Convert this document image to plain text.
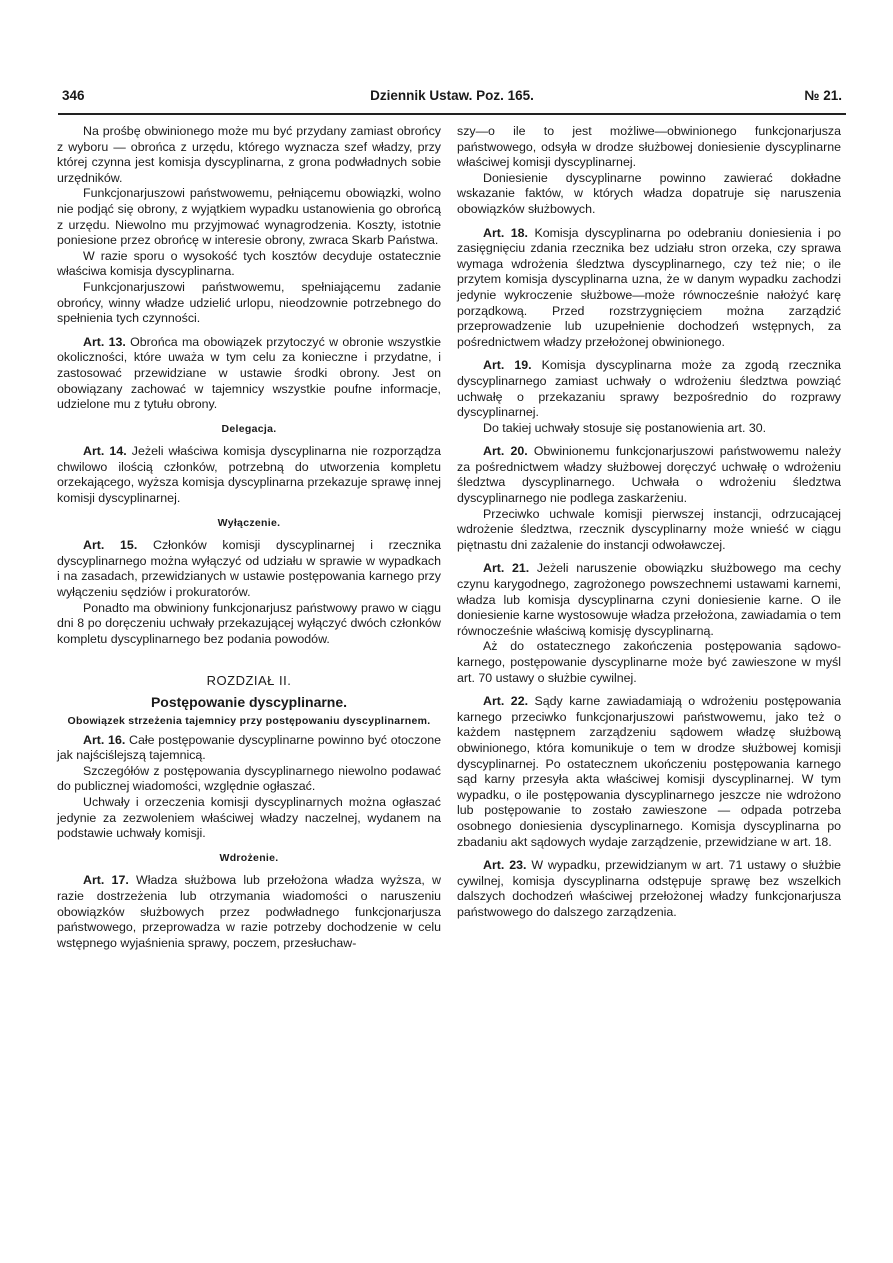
346	Dziennik Ustaw. Poz. 165.	№ 21.

Na prośbę obwinionego może mu być przydany zamiast obrońcy z wyboru — obrońca z urzędu, którego wyznacza szef władzy, przy której czynna jest komisja dyscyplinarna, z grona podwładnych sobie urzędników.

Funkcjonarjuszowi państwowemu, pełniącemu obowiązki, wolno nie podjąć się obrony, z wyjątkiem wypadku ustanowienia go obrońcą z urzędu. Niewolno mu przyjmować wynagrodzenia. Koszty, istotnie poniesione przez obrońcę w interesie obrony, zwraca Skarb Państwa.

W razie sporu o wysokość tych kosztów decyduje ostatecznie właściwa komisja dyscyplinarna.

Funkcjonarjuszowi państwowemu, spełniającemu zadanie obrońcy, winny władze udzielić urlopu, nieodzownie potrzebnego do spełnienia tych czynności.

Art. 13. Obrońca ma obowiązek przytoczyć w obronie wszystkie okoliczności, które uważa w tym celu za konieczne i przydatne, i zastosować przewidziane w ustawie środki obrony. Jest on obowiązany zachować w tajemnicy wszystkie poufne informacje, udzielone mu z tytułu obrony.

Delegacja.

Art. 14. Jeżeli właściwa komisja dyscyplinarna nie rozporządza chwilowo ilością członków, potrzebną do utworzenia kompletu orzekającego, wyższa komisja dyscyplinarna przekazuje sprawę innej komisji dyscyplinarnej.

Wyłączenie.

Art. 15. Członków komisji dyscyplinarnej i rzecznika dyscyplinarnego można wyłączyć od udziału w sprawie w wypadkach i na zasadach, przewidzianych w ustawie postępowania karnego przy wyłączeniu sędziów i prokuratorów.

Ponadto ma obwiniony funkcjonarjusz państwowy prawo w ciągu dni 8 po doręczeniu uchwały przekazującej wyłączyć dwóch członków kompletu dyscyplinarnego bez podania powodów.

ROZDZIAŁ II.
Postępowanie dyscyplinarne.
Obowiązek strzeżenia tajemnicy przy postępowaniu dyscyplinarnem.

Art. 16. Całe postępowanie dyscyplinarne powinno być otoczone jak najściślejszą tajemnicą.

Szczegółów z postępowania dyscyplinarnego niewolno podawać do publicznej wiadomości, względnie ogłaszać.

Uchwały i orzeczenia komisji dyscyplinarnych można ogłaszać jedynie za zezwoleniem właściwej władzy naczelnej, wydanem na podstawie uchwały komisji.

Wdrożenie.

Art. 17. Władza służbowa lub przełożona władza wyższa, w razie dostrzeżenia lub otrzymania wiadomości o naruszeniu obowiązków służbowych przez podwładnego funkcjonarjusza państwowego, przeprowadza w razie potrzeby dochodzenie w celu wstępnego wyjaśnienia sprawy, poczem, przesłuchaw-

szy—o ile to jest możliwe—obwinionego funkcjonarjusza państwowego, odsyła w drodze służbowej doniesienie dyscyplinarne właściwej komisji dyscyplinarnej.

Doniesienie dyscyplinarne powinno zawierać dokładne wskazanie faktów, w których władza dopatruje się naruszenia obowiązków służbowych.

Art. 18. Komisja dyscyplinarna po odebraniu doniesienia i po zasięgnięciu zdania rzecznika bez udziału stron orzeka, czy sprawa wymaga wdrożenia śledztwa dyscyplinarnego, czy też nie; o ile przytem komisja dyscyplinarna uzna, że w danym wypadku zachodzi jedynie wykroczenie służbowe—może równocześnie nałożyć karę porządkową. Przed rozstrzygnięciem można zarządzić przeprowadzenie lub uzupełnienie dochodzeń wstępnych, za pośrednictwem władzy przełożonej obwinionego.

Art. 19. Komisja dyscyplinarna może za zgodą rzecznika dyscyplinarnego zamiast uchwały o wdrożeniu śledztwa powziąć uchwałę o przekazaniu sprawy bezpośrednio do rozprawy dyscyplinarnej.

Do takiej uchwały stosuje się postanowienia art. 30.

Art. 20. Obwinionemu funkcjonarjuszowi państwowemu należy za pośrednictwem władzy służbowej doręczyć uchwałę o wdrożeniu śledztwa dyscyplinarnego. Uchwała o wdrożeniu śledztwa dyscyplinarnego nie podlega zaskarżeniu.

Przeciwko uchwale komisji pierwszej instancji, odrzucającej wdrożenie śledztwa, rzecznik dyscyplinarny może wnieść w ciągu piętnastu dni zażalenie do instancji odwoławczej.

Art. 21. Jeżeli naruszenie obowiązku służbowego ma cechy czynu karygodnego, zagrożonego powszechnemi ustawami karnemi, władza lub komisja dyscyplinarna czyni doniesienie karne. O ile doniesienie karne wystosowuje władza przełożona, zawiadamia o tem równocześnie właściwą komisję dyscyplinarną.

Aż do ostatecznego zakończenia postępowania sądowo-karnego, postępowanie dyscyplinarne może być zawieszone w myśl art. 70 ustawy o służbie cywilnej.

Art. 22. Sądy karne zawiadamiają o wdrożeniu postępowania karnego przeciwko funkcjonarjuszowi państwowemu, jako też o każdem następnem zarządzeniu sądowem władzę służbową obwinionego, która komunikuje o tem w drodze służbowej komisji dyscyplinarnej. Po ostatecznem ukończeniu postępowania karnego sąd karny przesyła akta właściwej komisji dyscyplinarnej. W tym wypadku, o ile postępowania dyscyplinarnego jeszcze nie wdrożono lub postępowanie to zostało zawieszone — odpada potrzeba osobnego doniesienia dyscyplinarnego. Komisja dyscyplinarna po zbadaniu akt sądowych wydaje zarządzenie, przewidziane w art. 18.

Art. 23. W wypadku, przewidzianym w art. 71 ustawy o służbie cywilnej, komisja dyscyplinarna odstępuje sprawę bez wszelkich dalszych dochodzeń właściwej przełożonej władzy funkcjonarjusza państwowego do dalszego zarządzenia.
